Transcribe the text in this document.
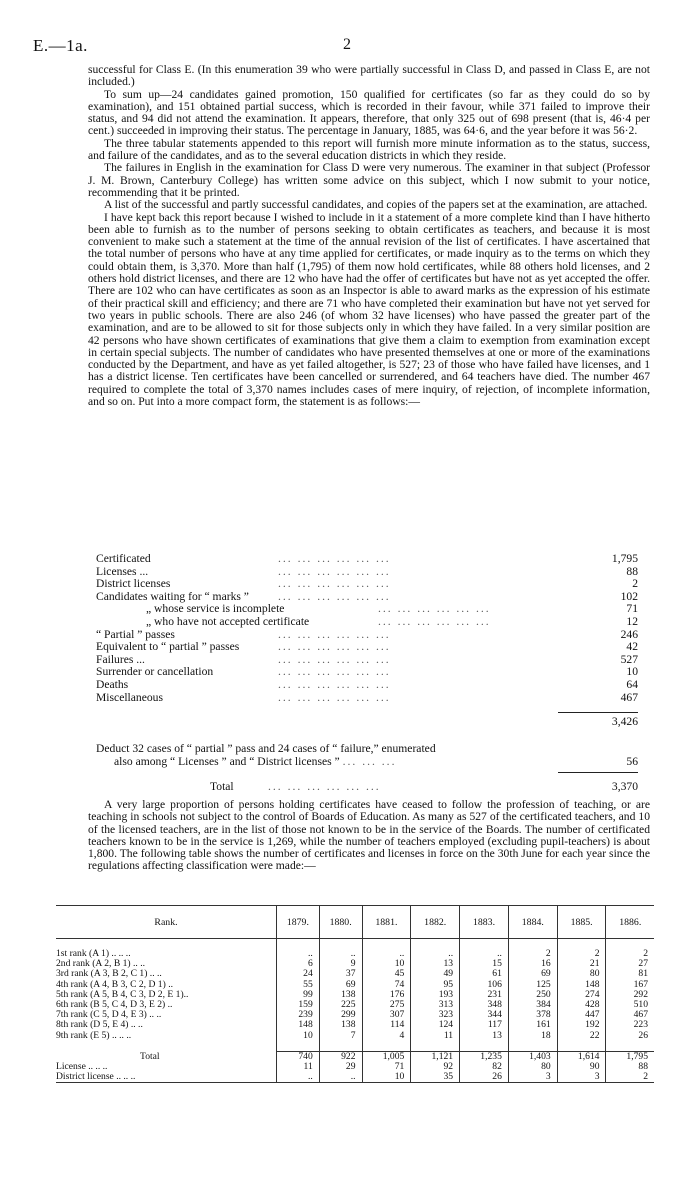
E.—1a.	2

successful for Class E. (In this enumeration 39 who were partially successful in Class D, and passed in Class E, are not included.)

To sum up—24 candidates gained promotion, 150 qualified for certificates (so far as they could do so by examination), and 151 obtained partial success, which is recorded in their favour, while 371 failed to improve their status, and 94 did not attend the examination. It appears, therefore, that only 325 out of 698 present (that is, 46·4 per cent.) succeeded in improving their status. The percentage in January, 1885, was 64·6, and the year before it was 56·2.

The three tabular statements appended to this report will furnish more minute information as to the status, success, and failure of the candidates, and as to the several education districts in which they reside.

The failures in English in the examination for Class D were very numerous. The examiner in that subject (Professor J. M. Brown, Canterbury College) has written some advice on this subject, which I now submit to your notice, recommending that it be printed.

A list of the successful and partly successful candidates, and copies of the papers set at the examination, are attached.

I have kept back this report because I wished to include in it a statement of a more complete kind than I have hitherto been able to furnish as to the number of persons seeking to obtain certificates as teachers, and because it is most convenient to make such a statement at the time of the annual revision of the list of certificates. I have ascertained that the total number of persons who have at any time applied for certificates, or made inquiry as to the terms on which they could obtain them, is 3,370. More than half (1,795) of them now hold certificates, while 88 others hold licenses, and 2 others hold district licenses, and there are 12 who have had the offer of certificates but have not as yet accepted the offer. There are 102 who can have certificates as soon as an Inspector is able to award marks as the expression of his estimate of their practical skill and efficiency; and there are 71 who have completed their examination but have not yet served for two years in public schools. There are also 246 (of whom 32 have licenses) who have passed the greater part of the examination, and are to be allowed to sit for those subjects only in which they have failed. In a very similar position are 42 persons who have shown certificates of examinations that give them a claim to exemption from examination except in certain special subjects. The number of candidates who have presented themselves at one or more of the examinations conducted by the Department, and have as yet failed altogether, is 527; 23 of those who have failed have licenses, and 1 has a district license. Ten certificates have been cancelled or surrendered, and 64 teachers have died. The number 467 required to complete the total of 3,370 names includes cases of mere inquiry, of rejection, of incomplete information, and so on. Put into a more compact form, the statement is as follows:—

Certificated	... ... ... ... ... ...	1,795
Licenses ...	... ... ... ... ... ...	88
District licenses	... ... ... ... ... ...	2
Candidates waiting for “ marks ”	... ... ... ... ... ...	102
„ whose service is incomplete	... ... ... ... ... ...	71
„ who have not accepted certificate	... ... ... ... ... ...	12
“ Partial ” passes	... ... ... ... ... ...	246
Equivalent to “ partial ” passes	... ... ... ... ... ...	42
Failures ...	... ... ... ... ... ...	527
Surrender or cancellation	... ... ... ... ... ...	10
Deaths	... ... ... ... ... ...	64
Miscellaneous	... ... ... ... ... ...	467
3,426
Deduct 32 cases of “ partial ” pass and 24 cases of “ failure,” enumerated
also among “ Licenses ” and “ District licenses ” ... ... ...	56
Total	... ... ... ... ... ...	3,370

A very large proportion of persons holding certificates have ceased to follow the profession of teaching, or are teaching in schools not subject to the control of Boards of Education. As many as 527 of the certificated teachers, and 10 of the licensed teachers, are in the list of those not known to be in the service of the Boards. The number of certificated teachers known to be in the service is 1,269, while the number of teachers employed (excluding pupil-teachers) is about 1,800. The following table shows the number of certificates and licenses in force on the 30th June for each year since the regulations affecting classification were made:—

Rank.	1879.	1880.	1881.	1882.	1883.	1884.	1885.	1886.

1st rank (A 1) .. .. ..	..	..	..	..	..	2	2	2
2nd rank (A 2, B 1) .. ..	6	9	10	13	15	16	21	27
3rd rank (A 3, B 2, C 1) .. ..	24	37	45	49	61	69	80	81
4th rank (A 4, B 3, C 2, D 1) ..	55	69	74	95	106	125	148	167
5th rank (A 5, B 4, C 3, D 2, E 1)..	99	138	176	193	231	250	274	292
6th rank (B 5, C 4, D 3, E 2) ..	159	225	275	313	348	384	428	510
7th rank (C 5, D 4, E 3) .. ..	239	299	307	323	344	378	447	467
8th rank (D 5, E 4) .. ..	148	138	114	124	117	161	192	223
9th rank (E 5) .. .. ..	10	7	4	11	13	18	22	26

Total	740	922	1,005	1,121	1,235	1,403	1,614	1,795
License .. .. ..	11	29	71	92	82	80	90	88
District license .. .. ..	..	..	10	35	26	3	3	2
